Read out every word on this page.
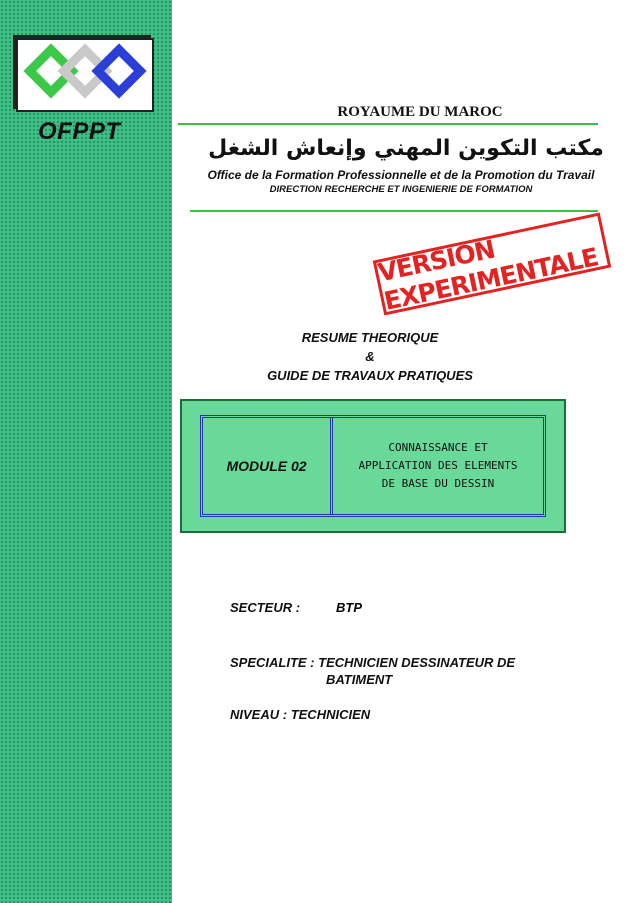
OFPPT
ROYAUME DU MAROC
مكتب التكوين المهني وإنعاش الشغل
Office de la Formation Professionnelle et de la Promotion du Travail
DIRECTION RECHERCHE ET INGENIERIE DE FORMATION
VERSION EXPERIMENTALE
RESUME THEORIQUE
&
GUIDE DE TRAVAUX PRATIQUES
MODULE 02
CONNAISSANCE ET
APPLICATION DES ELEMENTS
DE BASE DU DESSIN
SECTEUR :	BTP
SPECIALITE : TECHNICIEN DESSINATEUR DE
BATIMENT
NIVEAU : TECHNICIEN
